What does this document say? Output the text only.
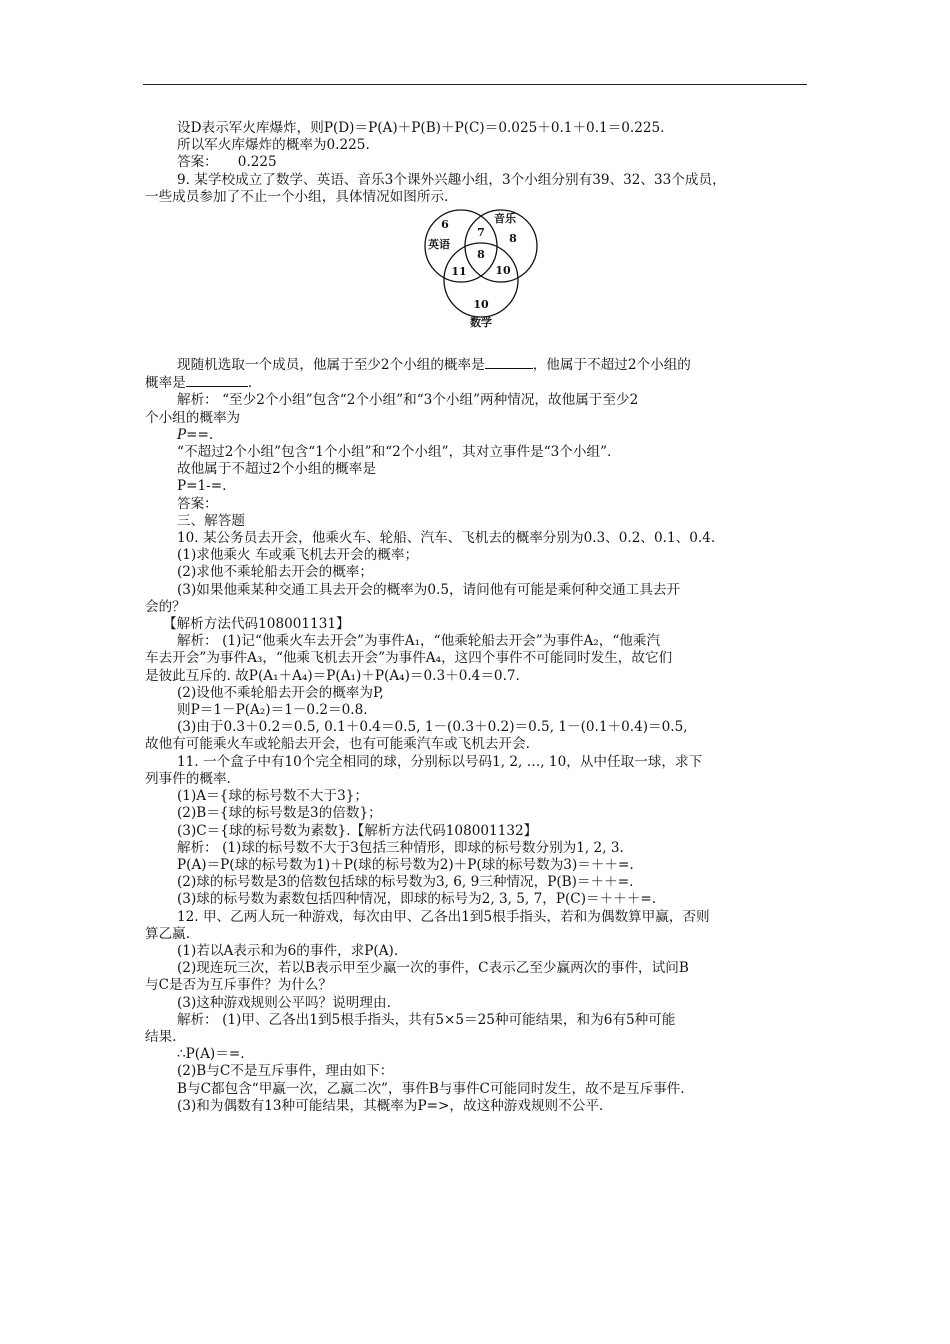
设D表示军火库爆炸，则P(D)＝P(A)＋P(B)＋P(C)＝0.025＋0.1＋0.1＝0.225.
所以军火库爆炸的概率为0.225.
答案： 0.225
9. 某学校成立了数学、英语、音乐3个课外兴趣小组，3个小组分别有39、32、33个成员，
一些成员参加了不止一个小组，具体情况如图所示.
6
7
音乐
8
英语
8
11	10
10
数学
现随机选取一个成员，他属于至少2个小组的概率是	，他属于不超过2个小组的
概率是	.
解析： “至少2个小组”包含“2个小组”和“3个小组”两种情况，故他属于至少2
个小组的概率为
P==.
“不超过2个小组”包含“1个小组”和“2个小组”，其对立事件是“3个小组”.
故他属于不超过2个小组的概率是
P=1-=.
答案：
三、解答题
10. 某公务员去开会，他乘火车、轮船、汽车、飞机去的概率分别为0.3、0.2、0.1、0.4.
(1)求他乘火 车或乘飞机去开会的概率；
(2)求他不乘轮船去开会的概率；
(3)如果他乘某种交通工具去开会的概率为0.5，请问他有可能是乘何种交通工具去开
会的？
【解析方法代码108001131】
解析： (1)记“他乘火车去开会”为事件A₁，“他乘轮船去开会”为事件A₂，“他乘汽
车去开会”为事件A₃，“他乘飞机去开会”为事件A₄，这四个事件不可能同时发生，故它们
是彼此互斥的. 故P(A₁＋A₄)＝P(A₁)＋P(A₄)＝0.3＋0.4＝0.7.
(2)设他不乘轮船去开会的概率为P,
则P＝1－P(A₂)＝1－0.2＝0.8.
(3)由于0.3＋0.2＝0.5, 0.1＋0.4＝0.5, 1－(0.3＋0.2)＝0.5, 1－(0.1＋0.4)＝0.5,
故他有可能乘火车或轮船去开会，也有可能乘汽车或飞机去开会.
11. 一个盒子中有10个完全相同的球，分别标以号码1, 2, …, 10，从中任取一球，求下
列事件的概率.
(1)A＝{球的标号数不大于3}；
(2)B＝{球的标号数是3的倍数}；
(3)C＝{球的标号数为素数}.【解析方法代码108001132】
解析： (1)球的标号数不大于3包括三种情形，即球的标号数分别为1, 2, 3.
P(A)＝P(球的标号数为1)＋P(球的标号数为2)＋P(球的标号数为3)＝＋＋=.
(2)球的标号数是3的倍数包括球的标号数为3, 6, 9三种情况，P(B)＝＋＋=.
(3)球的标号数为素数包括四种情况，即球的标号为2, 3, 5, 7，P(C)＝＋＋＋=.
12. 甲、乙两人玩一种游戏，每次由甲、乙各出1到5根手指头，若和为偶数算甲赢，否则
算乙赢.
(1)若以A表示和为6的事件，求P(A).
(2)现连玩三次，若以B表示甲至少赢一次的事件，C表示乙至少赢两次的事件，试问B
与C是否为互斥事件？为什么？
(3)这种游戏规则公平吗？说明理由.
解析： (1)甲、乙各出1到5根手指头，共有5×5＝25种可能结果，和为6有5种可能
结果.
∴P(A)＝=.
(2)B与C不是互斥事件，理由如下：
B与C都包含“甲赢一次，乙赢二次”，事件B与事件C可能同时发生，故不是互斥事件.
(3)和为偶数有13种可能结果，其概率为P=>，故这种游戏规则不公平.
